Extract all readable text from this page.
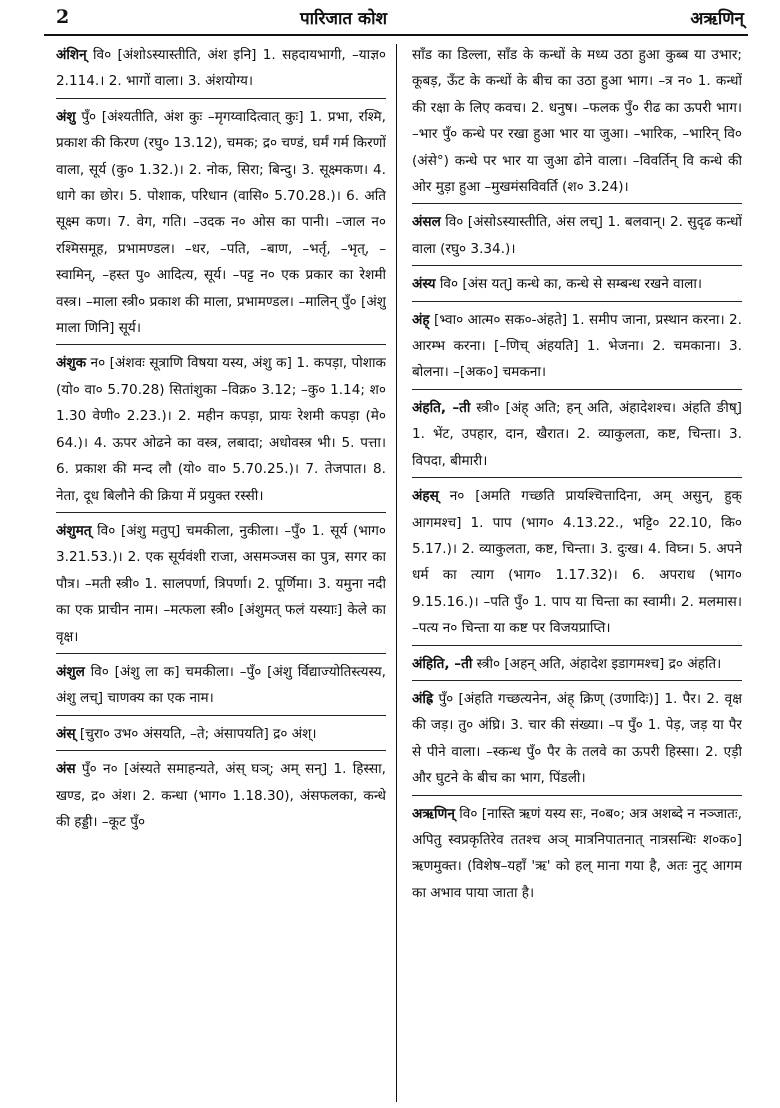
2	पारिजात कोश	अऋणिन्
अंशिन् वि० [अंशोऽस्यास्तीति, अंश इनि] 1. सहदायभागी, –याज्ञ० 2.114.। 2. भागों वाला। 3. अंशयोग्य।
अंशु पुँ० [अंश्यतीति, अंश कुः –मृगय्वादित्वात् कुः] 1. प्रभा, रश्मि, प्रकाश की किरण (रघु० 13.12), चमक; द्र० चण्डं, घर्मं गर्म किरणों वाला, सूर्य (कु० 1.32.)। 2. नोक, सिरा; बिन्दु। 3. सूक्ष्मकण। 4. धागे का छोर। 5. पोशाक, परिधान (वासि० 5.70.28.)। 6. अति सूक्ष्म कण। 7. वेग, गति। –उदक न० ओस का पानी। –जाल न० रश्मिसमूह, प्रभामण्डल। –धर, –पति, –बाण, –भर्तृ, –भृत्, –स्वामिन्, –हस्त पु० आदित्य, सूर्य। –पट्ट न० एक प्रकार का रेशमी वस्त्र। –माला स्त्री० प्रकाश की माला, प्रभामण्डल। –मालिन् पुँ० [अंशु माला णिनि] सूर्य।
अंशुक न० [अंशवः सूत्राणि विषया यस्य, अंशु क] 1. कपड़ा, पोशाक (यो० वा० 5.70.28) सितांशुका –विक्र० 3.12; –कु० 1.14; श० 1.30 वेणी० 2.23.)। 2. महीन कपड़ा, प्रायः रेशमी कपड़ा (मे० 64.)। 4. ऊपर ओढने का वस्त्र, लबादा; अधोवस्त्र भी। 5. पत्ता। 6. प्रकाश की मन्द लौ (यो० वा० 5.70.25.)। 7. तेजपात। 8. नेता, दूध बिलौने की क्रिया में प्रयुक्त रस्सी।
अंशुमत् वि० [अंशु मतुप्] चमकीला, नुकीला। –पुँ० 1. सूर्य (भाग० 3.21.53.)। 2. एक सूर्यवंशी राजा, असमञ्जस का पुत्र, सगर का पौत्र। –मती स्त्री० 1. सालपर्णा, त्रिपर्णा। 2. पूर्णिमा। 3. यमुना नदी का एक प्राचीन नाम। –मत्फला स्त्री० [अंशुमत् फलं यस्याः] केले का वृक्ष।
अंशुल वि० [अंशु ला क] चमकीला। –पुँ० [अंशु र्विद्याज्योतिस्त्यस्य, अंशु लच्] चाणक्य का एक नाम।
अंस् [चुरा० उभ० अंसयति, –ते; अंसापयति] द्र० अंश्।
अंस पुँ० न० [अंस्यते समाहन्यते, अंस् घञ्; अम् सन्] 1. हिस्सा, खण्ड, द्र० अंश। 2. कन्धा (भाग० 1.18.30), अंसफलका, कन्धे की हड्डी। –कूट पुँ०
साँड का डिल्ला, साँड के कन्धों के मध्य उठा हुआ कुब्ब या उभार; कूबड़, ऊँट के कन्धों के बीच का उठा हुआ भाग। –त्र न० 1. कन्धों की रक्षा के लिए कवच। 2. धनुष। –फलक पुँ० रीढ का ऊपरी भाग। –भार पुँ० कन्धे पर रखा हुआ भार या जुआ। –भारिक, –भारिन् वि० (अंसे°) कन्धे पर भार या जुआ ढोने वाला। –विवर्तिन् वि कन्धे की ओर मुड़ा हुआ –मुखमंसविवर्ति (श० 3.24)।
अंसल वि० [अंसोऽस्यास्तीति, अंस लच्] 1. बलवान्। 2. सुदृढ कन्धों वाला (रघु० 3.34.)।
अंस्य वि० [अंस यत्] कन्धे का, कन्धे से सम्बन्ध रखने वाला।
अंह् [भ्वा० आत्म० सक०-अंहते] 1. समीप जाना, प्रस्थान करना। 2. आरम्भ करना। [–णिच् अंहयति] 1. भेजना। 2. चमकाना। 3. बोलना। –[अक०] चमकना।
अंहति, –ती स्त्री० [अंह् अति; हन् अति, अंहादेशश्च। अंहति ङीष्] 1. भेंट, उपहार, दान, खैरात। 2. व्याकुलता, कष्ट, चिन्ता। 3. विपदा, बीमारी।
अंहस् न० [अमति गच्छति प्रायश्चित्तादिना, अम् असुन्, हुक् आगमश्च] 1. पाप (भाग० 4.13.22., भट्टि० 22.10, कि० 5.17.)। 2. व्याकुलता, कष्ट, चिन्ता। 3. दुःख। 4. विघ्न। 5. अपने धर्म का त्याग (भाग० 1.17.32)। 6. अपराध (भाग० 9.15.16.)। –पति पुँ० 1. पाप या चिन्ता का स्वामी। 2. मलमास। –पत्य न० चिन्ता या कष्ट पर विजयप्राप्ति।
अंहिति, –ती स्त्री० [अहन् अति, अंहादेश इडागमश्च] द्र० अंहति।
अंह्रि पुँ० [अंहति गच्छत्यनेन, अंह् क्रिण् (उणादिः)] 1. पैर। 2. वृक्ष की जड़। तु० अंघ्रि। 3. चार की संख्या। –प पुँ० 1. पेड़, जड़ या पैर से पीने वाला। –स्कन्ध पुँ० पैर के तलवे का ऊपरी हिस्सा। 2. एड़ी और घुटने के बीच का भाग, पिंडली।
अऋणिन् वि० [नास्ति ऋणं यस्य सः, न०ब०; अत्र अशब्दे न नञ्जातः, अपितु स्वप्रकृतिरेव ततश्च अञ् मात्रनिपातनात् नात्रसन्धिः श०क०] ऋणमुक्त। (विशेष–यहाँ 'ऋ' को हल् माना गया है, अतः नुट् आगम का अभाव पाया जाता है।
